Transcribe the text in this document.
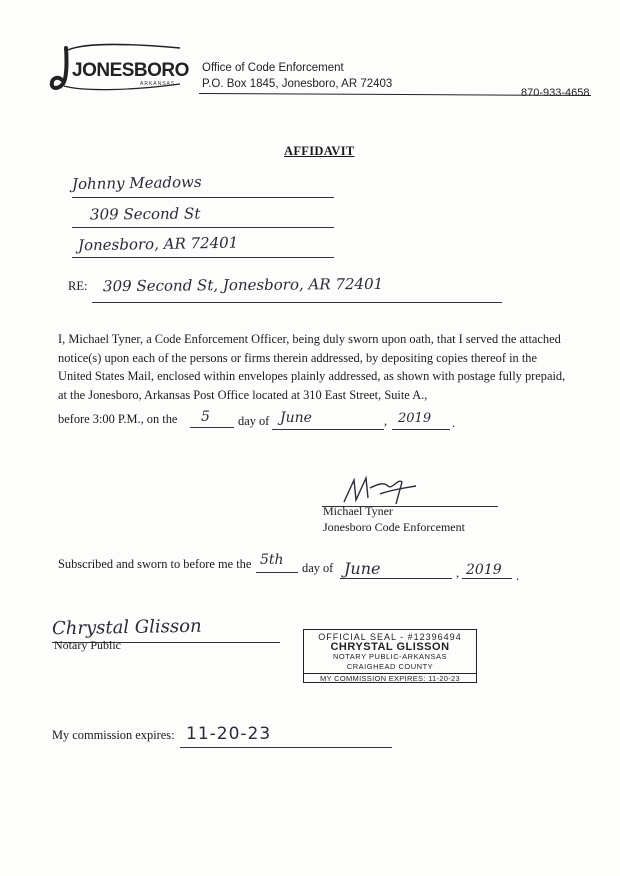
JONESBORO
ARKANSAS
Office of Code Enforcement
P.O. Box 1845, Jonesboro, AR 72403
870-933-4658
AFFIDAVIT
Johnny Meadows
309 Second St
Jonesboro, AR 72401
RE: 309 Second St, Jonesboro, AR 72401
I, Michael Tyner, a Code Enforcement Officer, being duly sworn upon oath, that I served the attached notice(s) upon each of the persons or firms therein addressed, by depositing copies thereof in the United States Mail, enclosed within envelopes plainly addressed, as shown with postage fully prepaid, at the Jonesboro, Arkansas Post Office located at 310 East Street, Suite A.,
before 3:00 P.M., on the 5 day of June	, 2019 .
Michael Tyner
Jonesboro Code Enforcement
Subscribed and sworn to before me the 5th day of June	, 2019 .
Chrystal Glisson
Notary Public
OFFICIAL SEAL - #12396494
CHRYSTAL GLISSON
NOTARY PUBLIC-ARKANSAS
CRAIGHEAD COUNTY
MY COMMISSION EXPIRES: 11-20-23
My commission expires: 11-20-23
